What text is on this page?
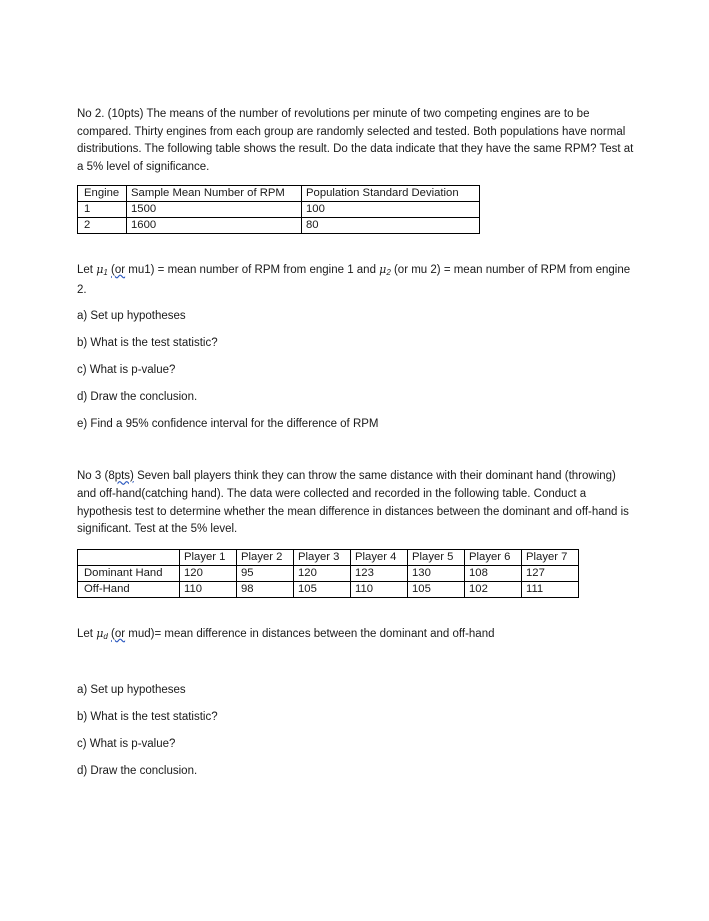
No 2. (10pts) The means of the number of revolutions per minute of two competing engines are to be compared. Thirty engines from each group are randomly selected and tested. Both populations have normal distributions. The following table shows the result. Do the data indicate that they have the same RPM? Test at a 5% level of significance.

Engine	Sample Mean Number of RPM	Population Standard Deviation
1	1500	100
2	1600	80

Let $\mu_1$ (or mu1) = mean number of RPM from engine 1 and $\mu_2$ (or mu 2) = mean number of RPM from engine 2.

a) Set up hypotheses

b) What is the test statistic?

c) What is p-value?

d) Draw the conclusion.

e) Find a 95% confidence interval for the difference of RPM

No 3 (8pts) Seven ball players think they can throw the same distance with their dominant hand (throwing) and off-hand(catching hand). The data were collected and recorded in the following table. Conduct a hypothesis test to determine whether the mean difference in distances between the dominant and off-hand is significant. Test at the 5% level.

	Player 1	Player 2	Player 3	Player 4	Player 5	Player 6	Player 7
Dominant Hand	120	95	120	123	130	108	127
Off-Hand	110	98	105	110	105	102	111

Let $\mu_d$ (or mud)= mean difference in distances between the dominant and off-hand

a) Set up hypotheses

b) What is the test statistic?

c) What is p-value?

d) Draw the conclusion.
